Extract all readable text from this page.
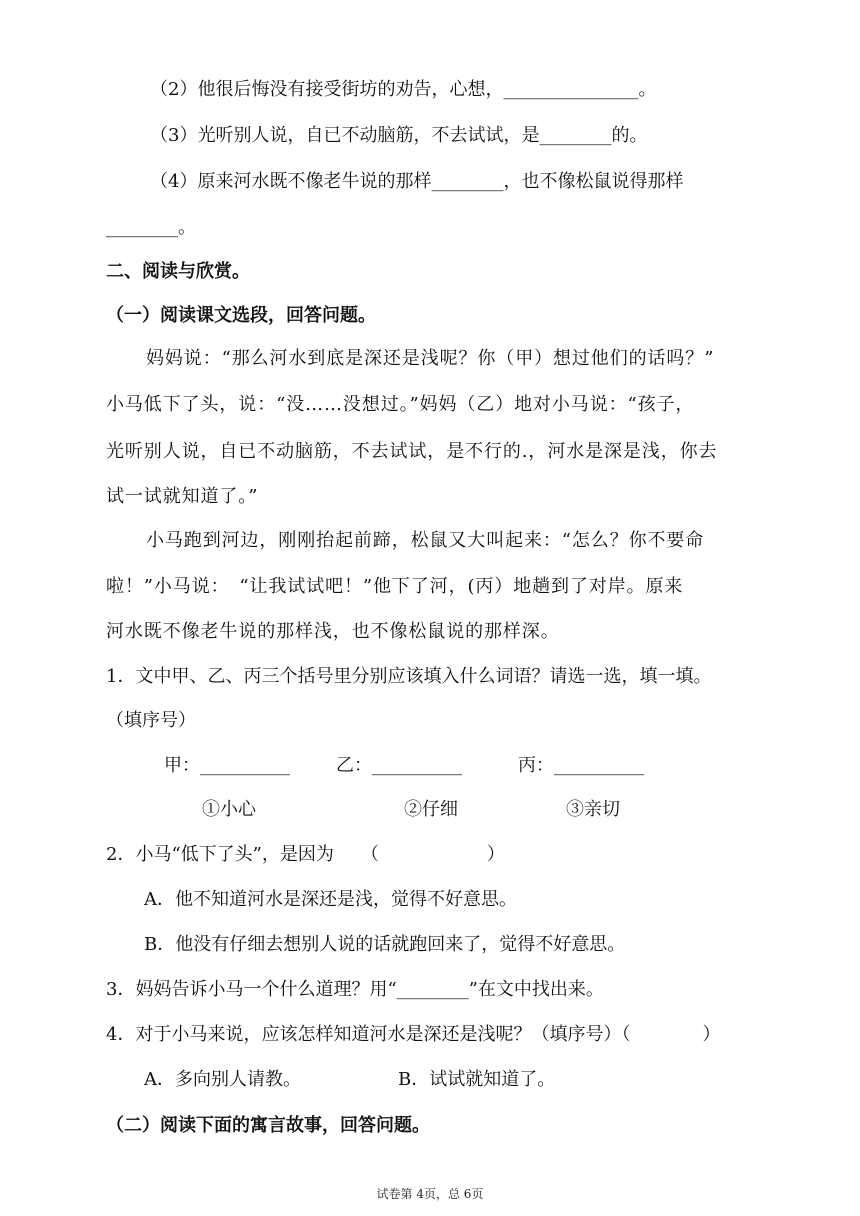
（2）他很后悔没有接受街坊的劝告，心想，_______________。
（3）光听别人说，自已不动脑筋，不去试试，是________的。
（4）原来河水既不像老牛说的那样________，也不像松鼠说得那样
________。
二、阅读与欣赏。
（一）阅读课文选段，回答问题。
妈妈说：“那么河水到底是深还是浅呢？你（甲）想过他们的话吗？”
小马低下了头，说：“没……没想过。”妈妈（乙）地对小马说：“孩子，
光听别人说，自已不动脑筋，不去试试，是不行的.，河水是深是浅，你去
试一试就知道了。”
小马跑到河边，刚刚抬起前蹄，松鼠又大叫起来：“怎么？你不要命
啦！”小马说：　“让我试试吧！”他下了河，(丙）地趟到了对岸。原来
河水既不像老牛说的那样浅，也不像松鼠说的那样深。
1．文中甲、乙、丙三个括号里分别应该填入什么词语？请选一选，填一填。
（填序号）
甲：__________	乙：__________	丙：__________
①小心	②仔细	③亲切
2．小马“低下了头”，是因为　　（　　　　　　）
A．他不知道河水是深还是浅，觉得不好意思。
B．他没有仔细去想别人说的话就跑回来了，觉得不好意思。
3．妈妈告诉小马一个什么道理？用“________”在文中找出来。
4．对于小马来说，应该怎样知道河水是深还是浅呢？（填序号）（　　　　）
A．多向别人请教。	B．试试就知道了。
（二）阅读下面的寓言故事，回答问题。
试卷第 4页，总 6页
